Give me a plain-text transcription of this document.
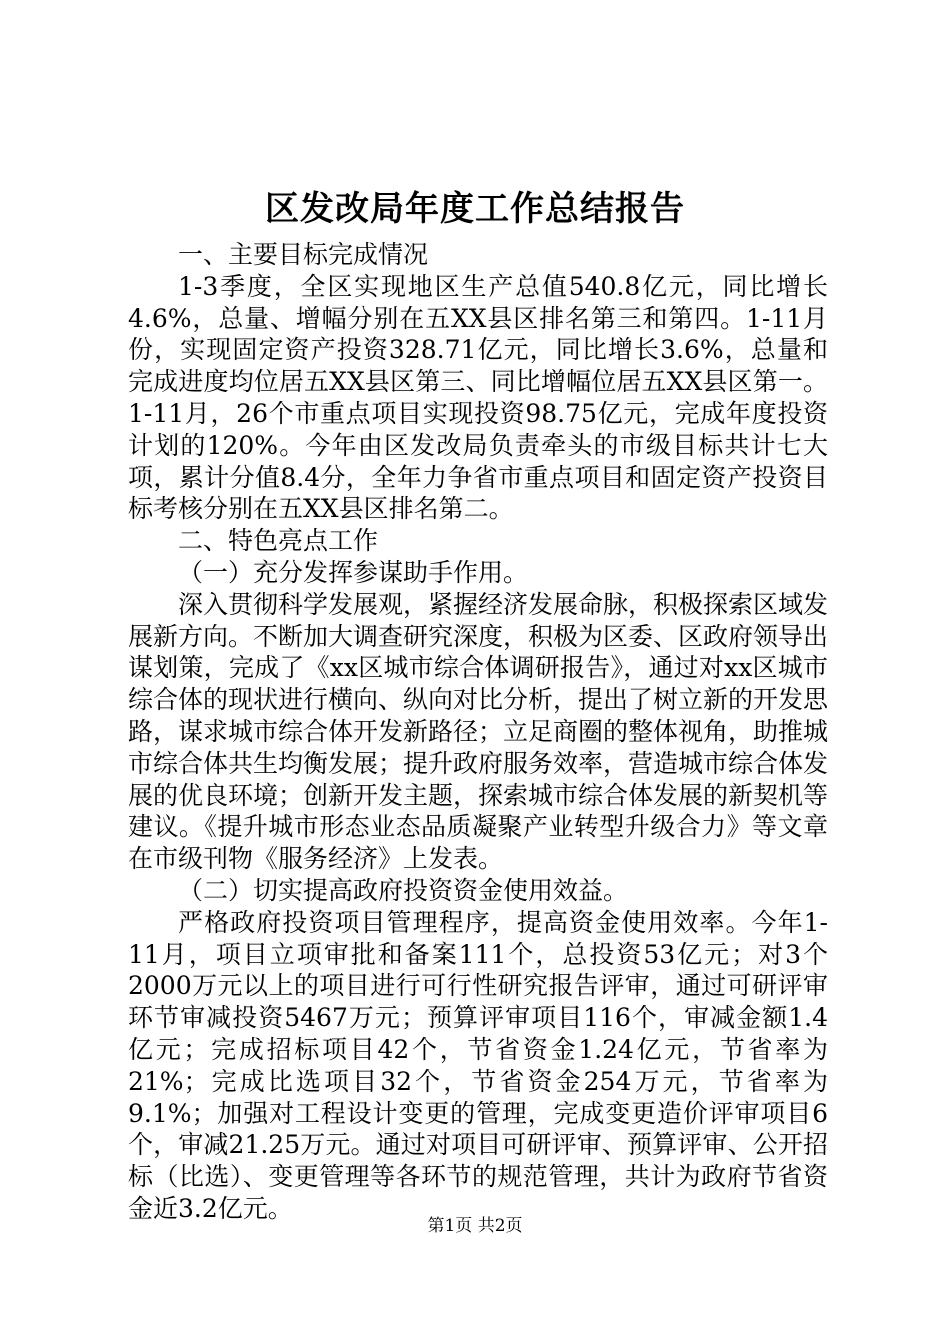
区发改局年度工作总结报告

一、主要目标完成情况

1-3季度，全区实现地区生产总值540.8亿元，同比增长4.6%，总量、增幅分别在五XX县区排名第三和第四。1-11月份，实现固定资产投资328.71亿元，同比增长3.6%，总量和完成进度均位居五XX县区第三、同比增幅位居五XX县区第一。1-11月，26个市重点项目实现投资98.75亿元，完成年度投资计划的120%。今年由区发改局负责牵头的市级目标共计七大项，累计分值8.4分，全年力争省市重点项目和固定资产投资目标考核分别在五XX县区排名第二。

二、特色亮点工作

（一）充分发挥参谋助手作用。

深入贯彻科学发展观，紧握经济发展命脉，积极探索区域发展新方向。不断加大调查研究深度，积极为区委、区政府领导出谋划策，完成了《xx区城市综合体调研报告》，通过对xx区城市综合体的现状进行横向、纵向对比分析，提出了树立新的开发思路，谋求城市综合体开发新路径；立足商圈的整体视角，助推城市综合体共生均衡发展；提升政府服务效率，营造城市综合体发展的优良环境；创新开发主题，探索城市综合体发展的新契机等建议。《提升城市形态业态品质凝聚产业转型升级合力》等文章在市级刊物《服务经济》上发表。

（二）切实提高政府投资资金使用效益。

严格政府投资项目管理程序，提高资金使用效率。今年1-11月，项目立项审批和备案111个，总投资53亿元；对3个2000万元以上的项目进行可行性研究报告评审，通过可研评审环节审减投资5467万元；预算评审项目116个，审减金额1.4亿元；完成招标项目42个，节省资金1.24亿元，节省率为21%；完成比选项目32个，节省资金254万元，节省率为9.1%；加强对工程设计变更的管理，完成变更造价评审项目6个，审减21.25万元。通过对项目可研评审、预算评审、公开招标（比选）、变更管理等各环节的规范管理，共计为政府节省资金近3.2亿元。

第1页 共2页
